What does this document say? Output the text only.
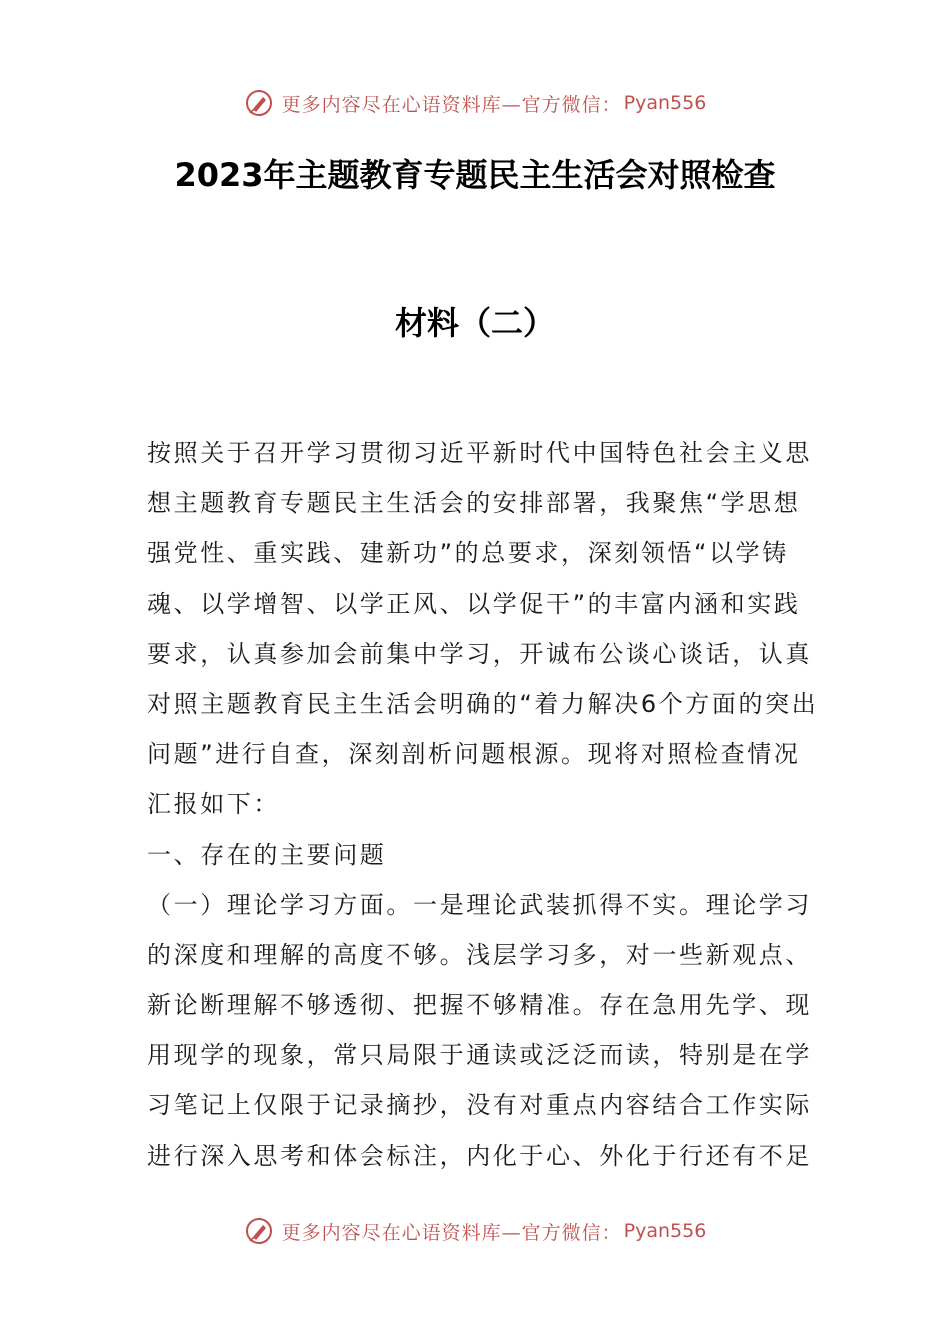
更多内容尽在心语资料库—官方微信： Pyan556
2023年主题教育专题民主生活会对照检查
材料（二）
按照关于召开学习贯彻习近平新时代中国特色社会主义思
想主题教育专题民主生活会的安排部署，我聚焦“学思想
强党性、重实践、建新功”的总要求，深刻领悟“以学铸
魂、以学增智、以学正风、以学促干”的丰富内涵和实践
要求，认真参加会前集中学习，开诚布公谈心谈话，认真
对照主题教育民主生活会明确的“着力解决6个方面的突出
问题”进行自查，深刻剖析问题根源。现将对照检查情况
汇报如下：
一、存在的主要问题
（一）理论学习方面。一是理论武装抓得不实。理论学习
的深度和理解的高度不够。浅层学习多，对一些新观点、
新论断理解不够透彻、把握不够精准。存在急用先学、现
用现学的现象，常只局限于通读或泛泛而读，特别是在学
习笔记上仅限于记录摘抄，没有对重点内容结合工作实际
进行深入思考和体会标注，内化于心、外化于行还有不足
更多内容尽在心语资料库—官方微信： Pyan556
